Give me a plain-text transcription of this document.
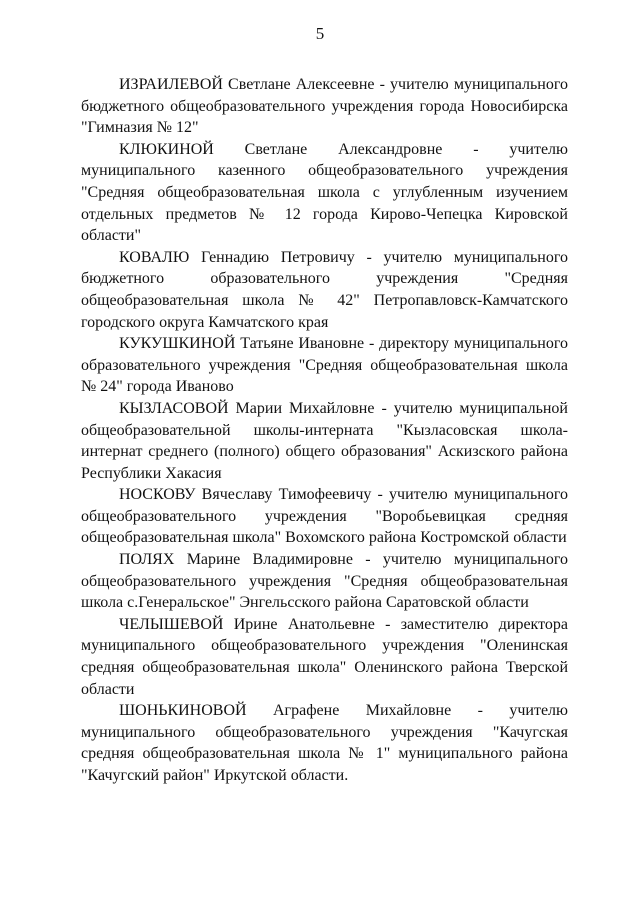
5

ИЗРАИЛЕВОЙ Светлане Алексеевне - учителю муниципального бюджетного общеобразовательного учреждения города Новосибирска "Гимназия № 12"

КЛЮКИНОЙ Светлане Александровне - учителю муниципального казенного общеобразовательного учреждения "Средняя общеобразовательная школа с углубленным изучением отдельных предметов № 12 города Кирово-Чепецка Кировской области"

КОВАЛЮ Геннадию Петровичу - учителю муниципального бюджетного образовательного учреждения "Средняя общеобразовательная школа № 42" Петропавловск-Камчатского городского округа Камчатского края

КУКУШКИНОЙ Татьяне Ивановне - директору муниципального образовательного учреждения "Средняя общеобразовательная школа № 24" города Иваново

КЫЗЛАСОВОЙ Марии Михайловне - учителю муниципальной общеобразовательной школы-интерната "Кызласовская школа-интернат среднего (полного) общего образования" Аскизского района Республики Хакасия

НОСКОВУ Вячеславу Тимофеевичу - учителю муниципального общеобразовательного учреждения "Воробьевицкая средняя общеобразовательная школа" Вохомского района Костромской области

ПОЛЯХ Марине Владимировне - учителю муниципального общеобразовательного учреждения "Средняя общеобразовательная школа с.Генеральское" Энгельсского района Саратовской области

ЧЕЛЫШЕВОЙ Ирине Анатольевне - заместителю директора муниципального общеобразовательного учреждения "Оленинская средняя общеобразовательная школа" Оленинского района Тверской области

ШОНЬКИНОВОЙ Аграфене Михайловне - учителю муниципального общеобразовательного учреждения "Качугская средняя общеобразовательная школа № 1" муниципального района "Качугский район" Иркутской области.
